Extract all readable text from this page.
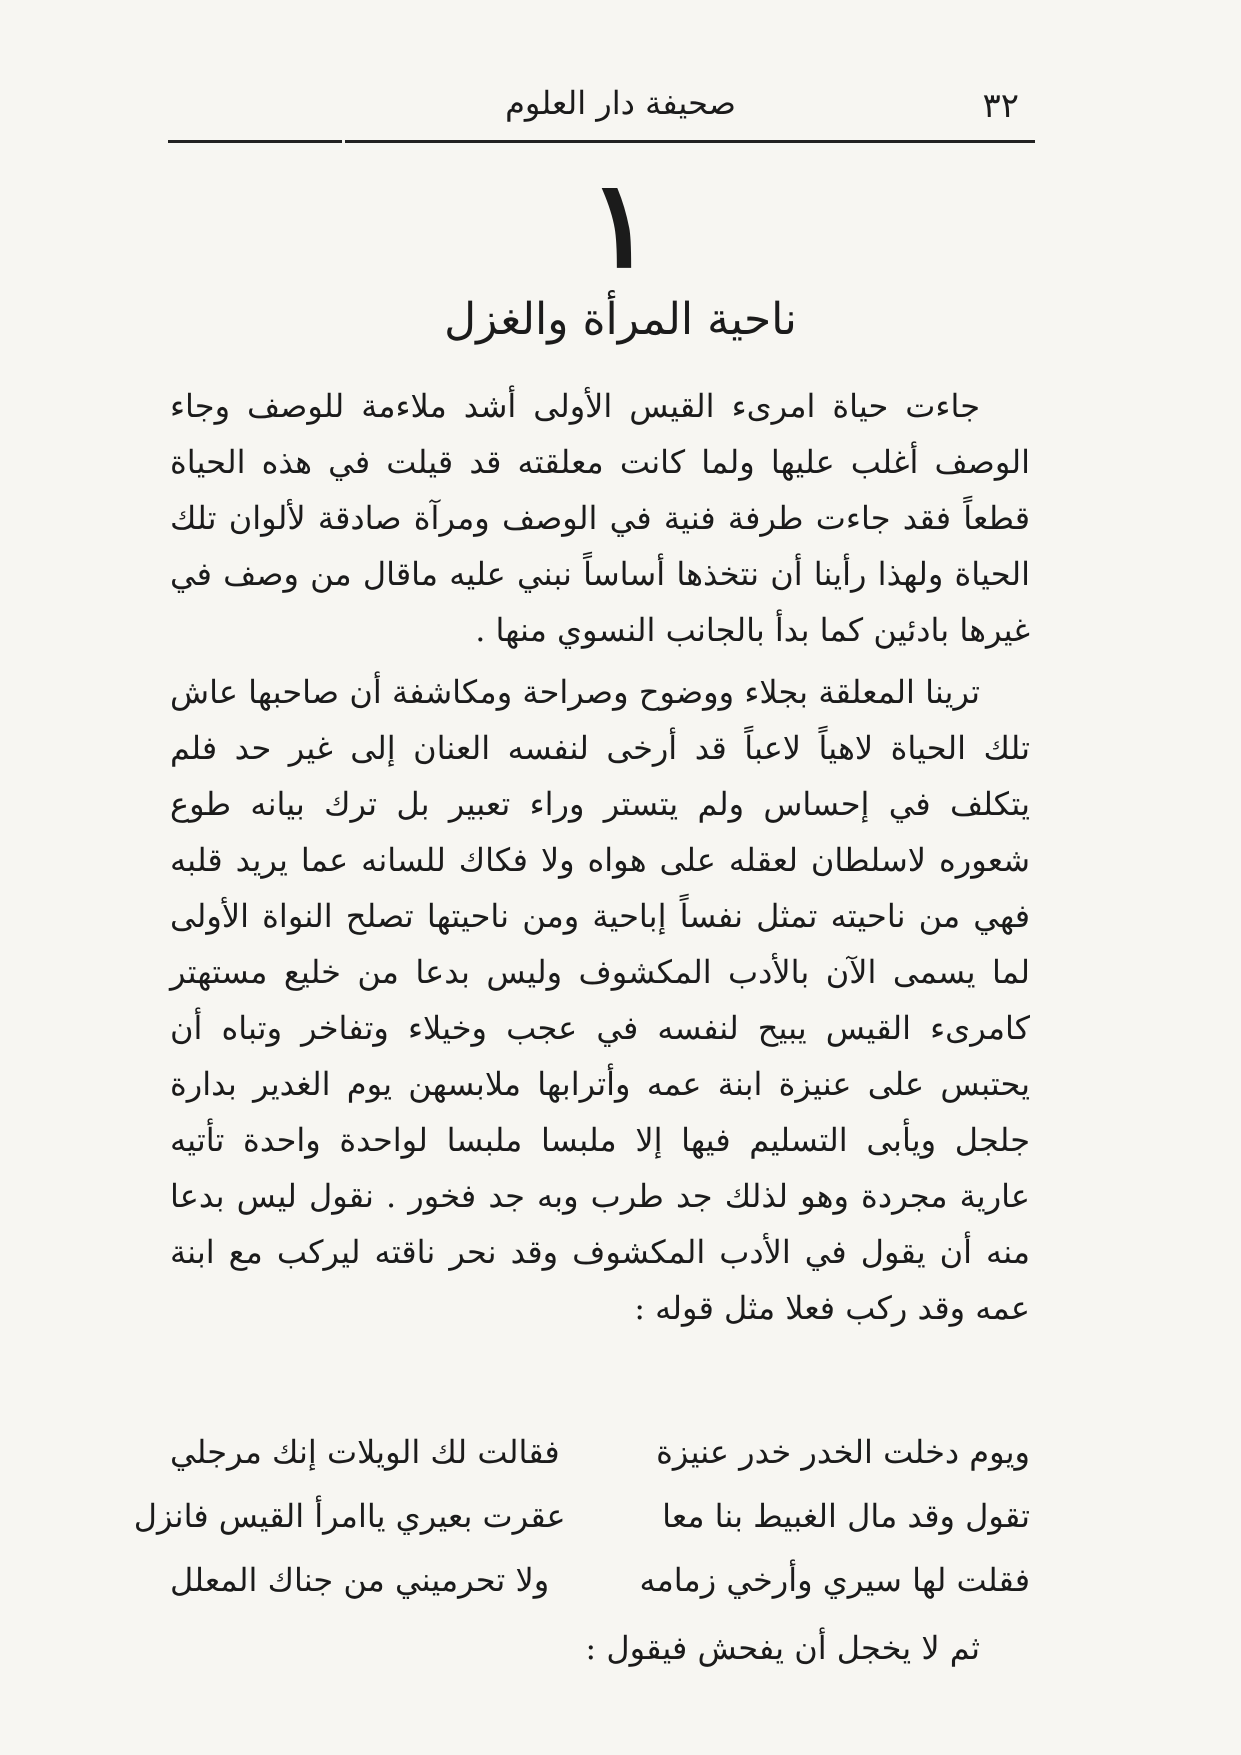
٣٢
صحيفة دار العلوم
١
ناحية المرأة والغزل

جاءت حياة امرىء القيس الأولى أشد ملاءمة للوصف وجاء الوصف أغلب عليها ولما كانت معلقته قد قيلت في هذه الحياة قطعاً فقد جاءت طرفة فنية في الوصف ومرآة صادقة لألوان تلك الحياة ولهذا رأينا أن نتخذها أساساً نبني عليه ماقال من وصف في غيرها بادئين كما بدأ بالجانب النسوي منها .

ترينا المعلقة بجلاء ووضوح وصراحة ومكاشفة أن صاحبها عاش تلك الحياة لاهياً لاعباً قد أرخى لنفسه العنان إلى غير حد فلم يتكلف في إحساس ولم يتستر وراء تعبير بل ترك بيانه طوع شعوره لاسلطان لعقله على هواه ولا فكاك للسانه عما يريد قلبه فهي من ناحيته تمثل نفساً إباحية ومن ناحيتها تصلح النواة الأولى لما يسمى الآن بالأدب المكشوف وليس بدعا من خليع مستهتر كامرىء القيس يبيح لنفسه في عجب وخيلاء وتفاخر وتباه أن يحتبس على عنيزة ابنة عمه وأترابها ملابسهن يوم الغدير بدارة جلجل ويأبى التسليم فيها إلا ملبسا ملبسا لواحدة واحدة تأتيه عارية مجردة وهو لذلك جد طرب وبه جد فخور . نقول ليس بدعا منه أن يقول في الأدب المكشوف وقد نحر ناقته ليركب مع ابنة عمه وقد ركب فعلا مثل قوله :

ويوم دخلت الخدر خدر عنيزة
فقالت لك الويلات إنك مرجلي
تقول وقد مال الغبيط بنا معا
عقرت بعيري ياامرأ القيس فانزل
فقلت لها سيري وأرخي زمامه
ولا تحرميني من جناك المعلل
ثم لا يخجل أن يفحش فيقول :
